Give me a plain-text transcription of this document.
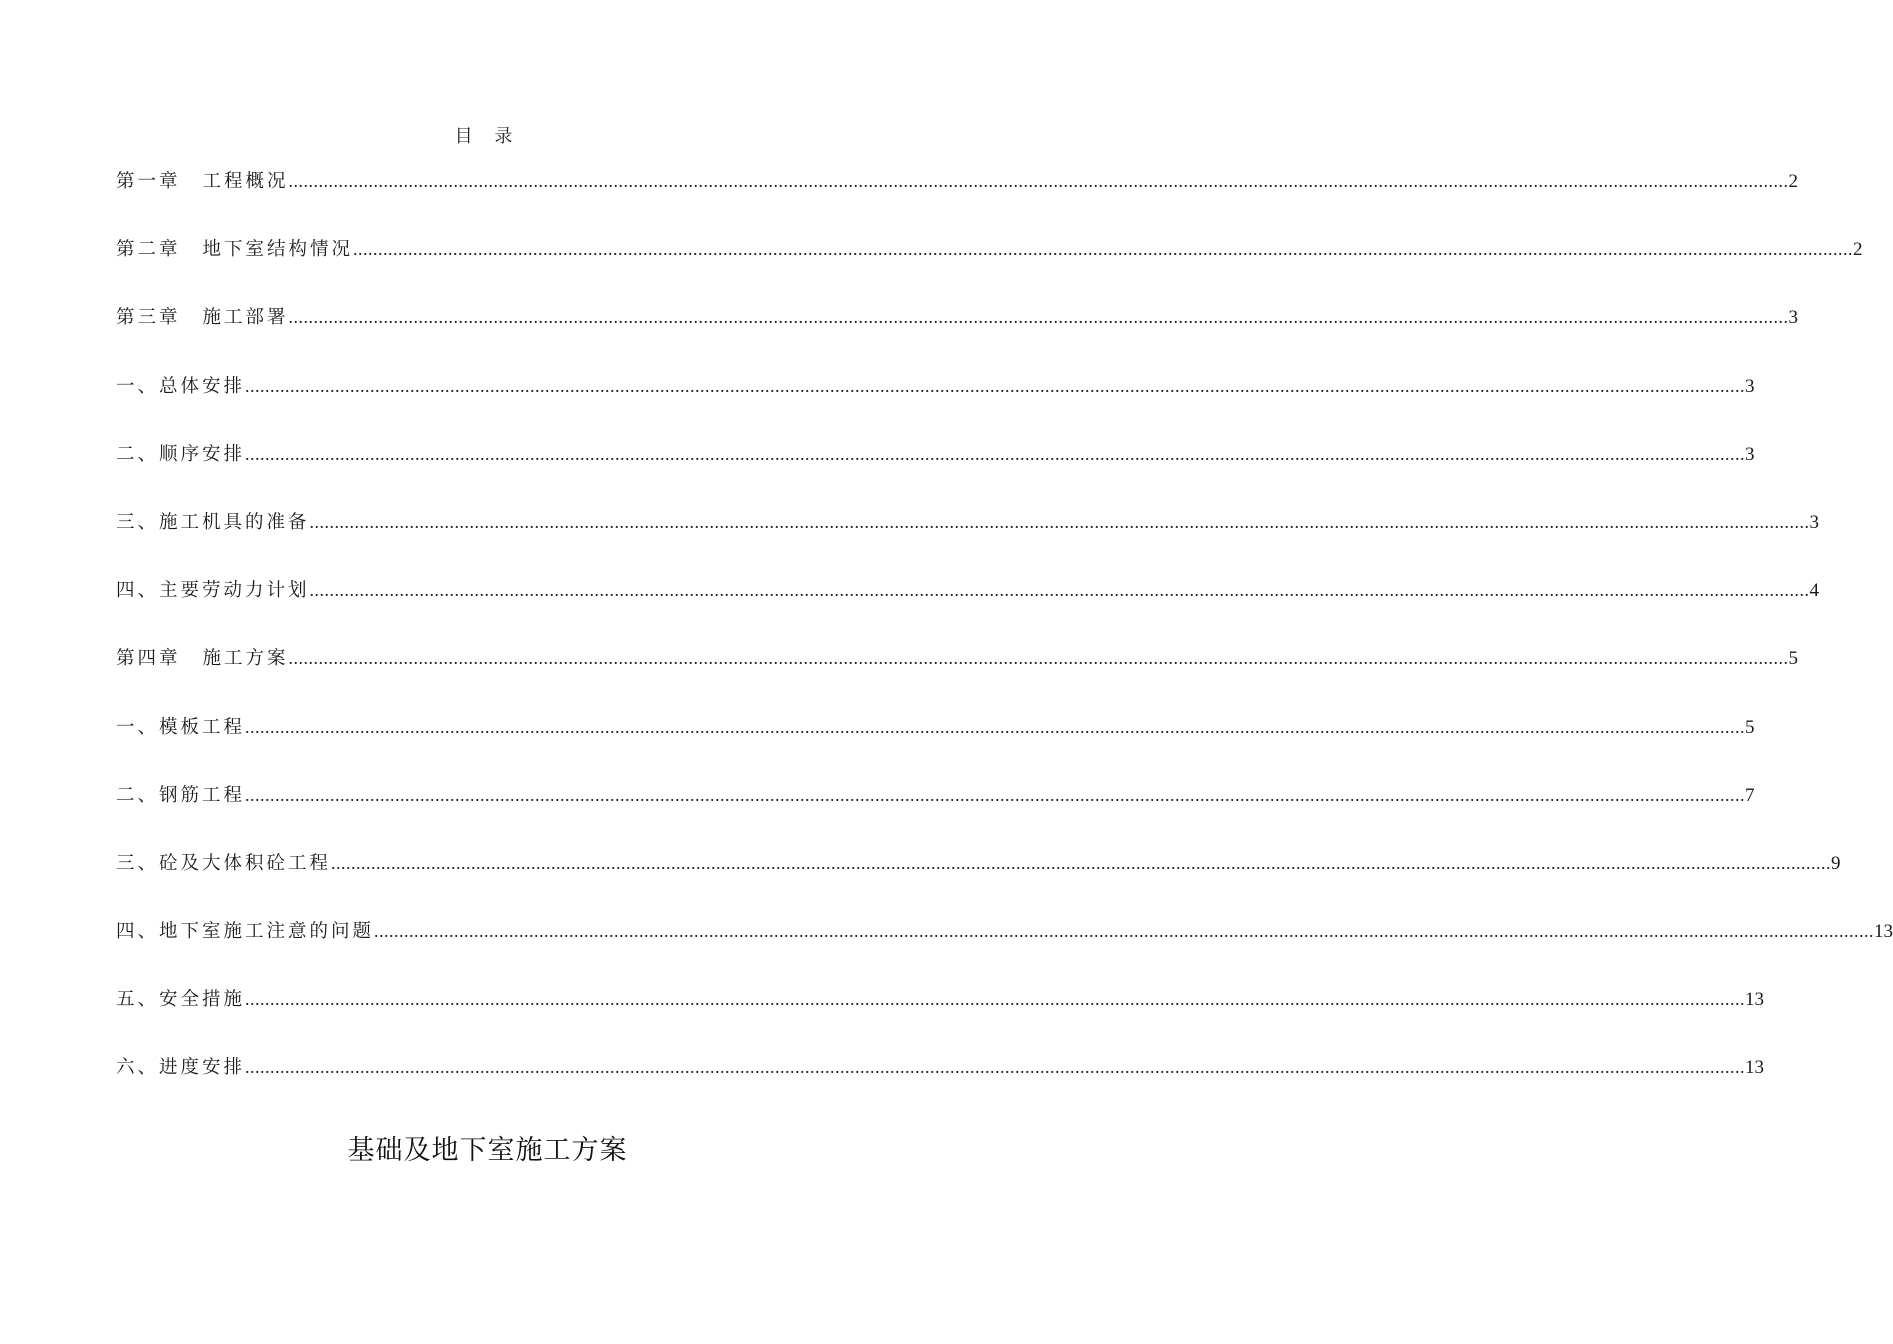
目 录
第一章 工程概况 ............................................................................................................................................................................................................................................................................................................ 2
第二章 地下室结构情况 ............................................................................................................................................................................................................................................................................................................ 2
第三章 施工部署 ............................................................................................................................................................................................................................................................................................................ 3
一、总体安排 ............................................................................................................................................................................................................................................................................................................ 3
二、顺序安排 ............................................................................................................................................................................................................................................................................................................ 3
三、施工机具的准备 ............................................................................................................................................................................................................................................................................................................ 3
四、主要劳动力计划 ............................................................................................................................................................................................................................................................................................................ 4
第四章 施工方案 ............................................................................................................................................................................................................................................................................................................ 5
一、模板工程 ............................................................................................................................................................................................................................................................................................................ 5
二、钢筋工程 ............................................................................................................................................................................................................................................................................................................ 7
三、砼及大体积砼工程 ............................................................................................................................................................................................................................................................................................................ 9
四、地下室施工注意的问题 ............................................................................................................................................................................................................................................................................................................ 13
五、安全措施 ............................................................................................................................................................................................................................................................................................................ 13
六、进度安排 ............................................................................................................................................................................................................................................................................................................ 13
基础及地下室施工方案
